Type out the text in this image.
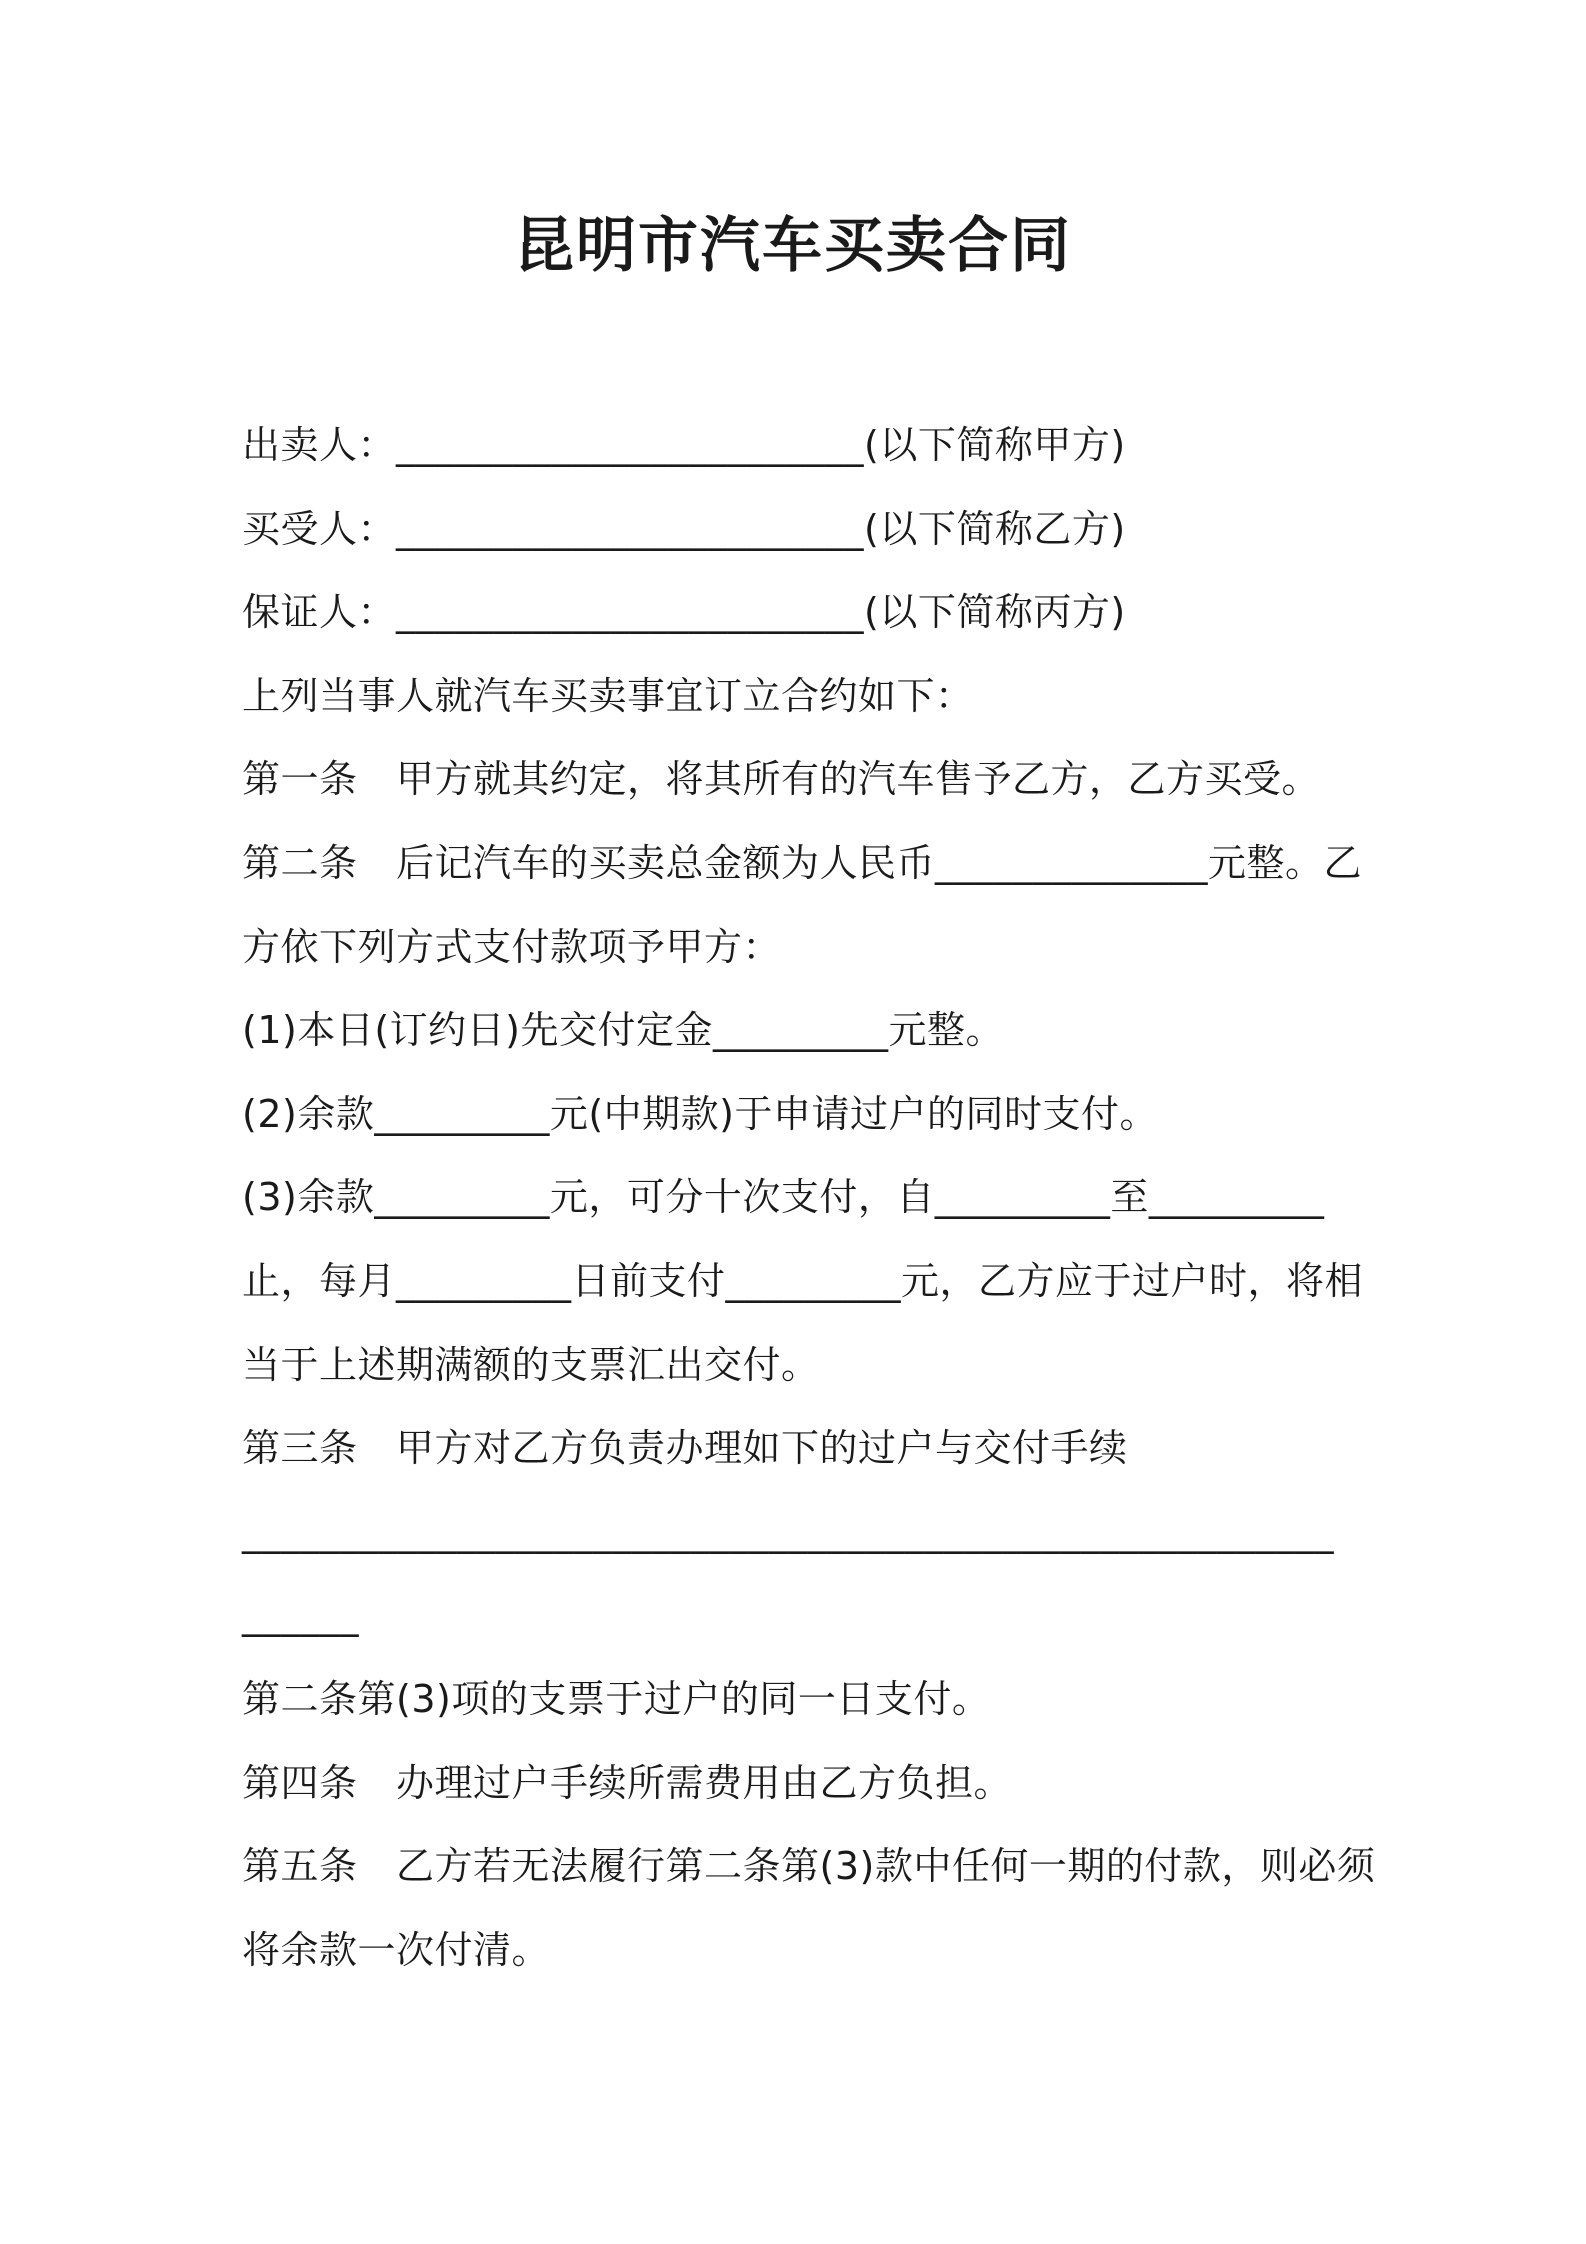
昆明市汽车买卖合同
出卖人：________________________(以下简称甲方)
买受人：________________________(以下简称乙方)
保证人：________________________(以下简称丙方)
上列当事人就汽车买卖事宜订立合约如下：
第一条　甲方就其约定，将其所有的汽车售予乙方，乙方买受。
第二条　后记汽车的买卖总金额为人民币______________元整。乙
方依下列方式支付款项予甲方：
(1)本日(订约日)先交付定金_________元整。
(2)余款_________元(中期款)于申请过户的同时支付。
(3)余款_________元，可分十次支付，自_________至_________
止，每月_________日前支付_________元，乙方应于过户时，将相
当于上述期满额的支票汇出交付。
第三条　甲方对乙方负责办理如下的过户与交付手续
________________________________________________________
______
第二条第(3)项的支票于过户的同一日支付。
第四条　办理过户手续所需费用由乙方负担。
第五条　乙方若无法履行第二条第(3)款中任何一期的付款，则必须
将余款一次付清。
